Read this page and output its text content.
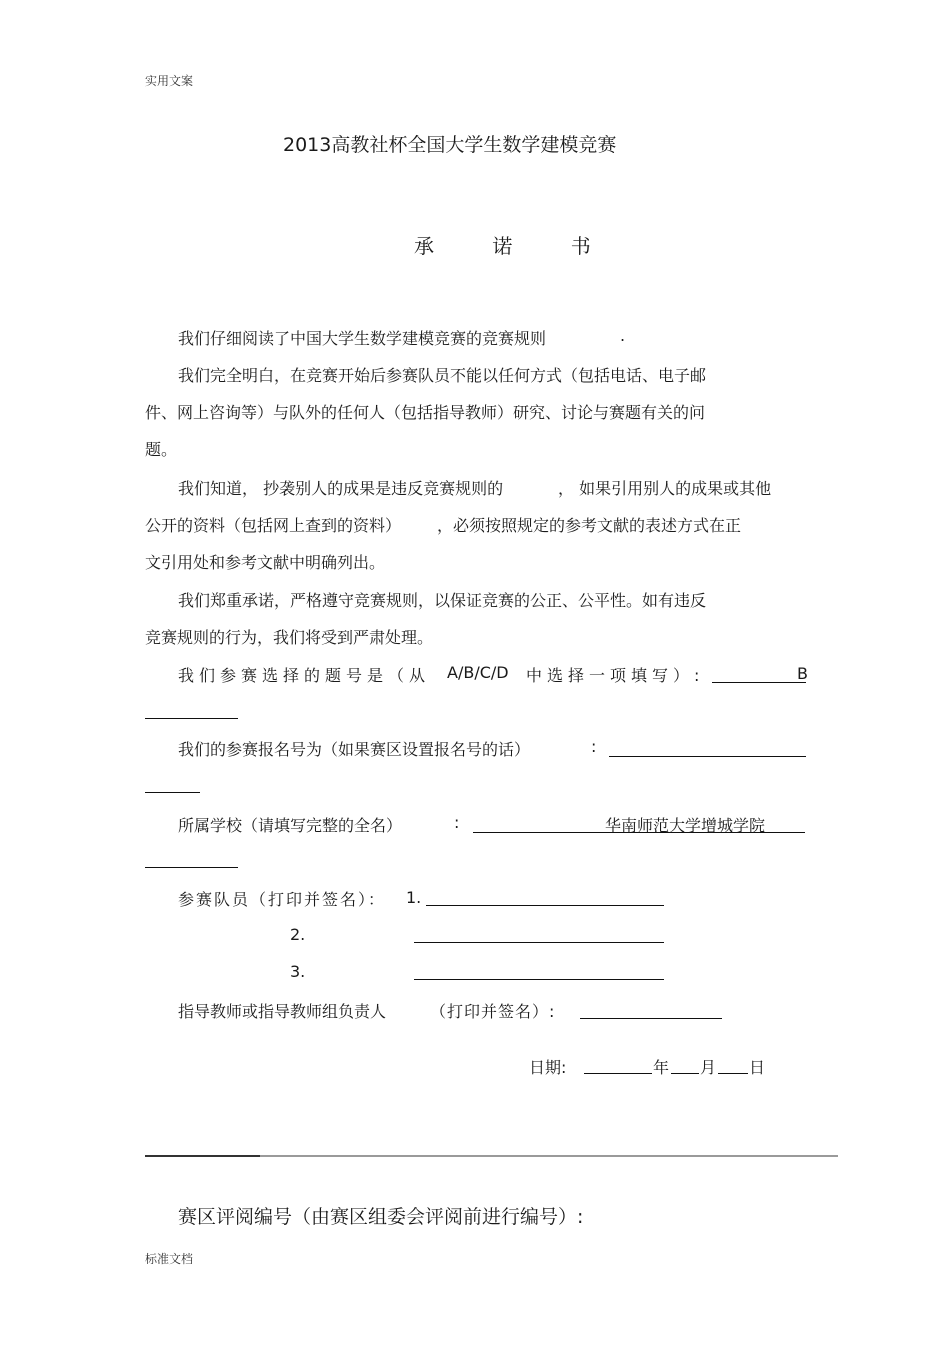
实用文案
2013高教社杯全国大学生数学建模竞赛
承 诺 书
我们仔细阅读了中国大学生数学建模竞赛的竞赛规则	.
我们完全明白，在竞赛开始后参赛队员不能以任何方式（包括电话、电子邮
件、网上咨询等）与队外的任何人（包括指导教师）研究、讨论与赛题有关的问
题。
我们知道， 抄袭别人的成果是违反竞赛规则的	， 如果引用别人的成果或其他
公开的资料（包括网上查到的资料） ，必须按照规定的参考文献的表述方式在正
文引用处和参考文献中明确列出。
我们郑重承诺，严格遵守竞赛规则，以保证竞赛的公正、公平性。如有违反
竞赛规则的行为，我们将受到严肃处理。
我们参赛选择的题号是（从 A/B/C/D 中选择一项填写）:	B
我们的参赛报名号为（如果赛区设置报名号的话）	:
所属学校（请填写完整的全名）	:	华南师范大学增城学院
参赛队员（打印并签名）： 1.
2.
3.
指导教师或指导教师组负责人	（打印并签名）:
日期:	年 月 日
赛区评阅编号（由赛区组委会评阅前进行编号）:
标准文档
